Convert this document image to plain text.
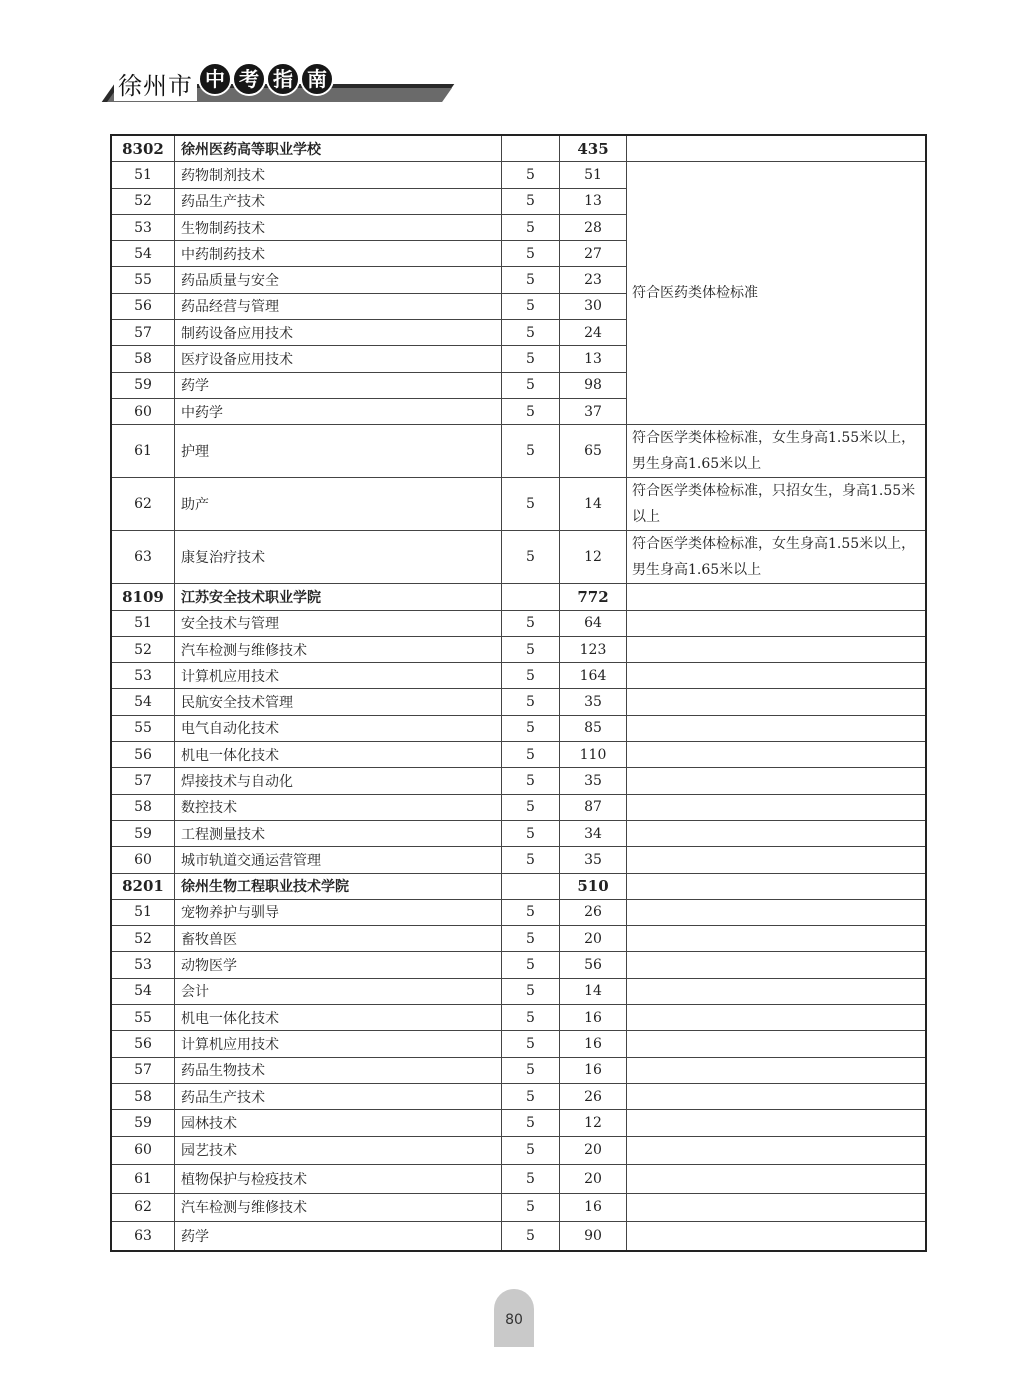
徐州市 中 考 指 南
8302	徐州医药高等职业学校		435	
51	药物制剂技术	5	51	符合医药类体检标准
52	药品生产技术	5	13	
53	生物制药技术	5	28	
54	中药制药技术	5	27	
55	药品质量与安全	5	23	
56	药品经营与管理	5	30	
57	制药设备应用技术	5	24	
58	医疗设备应用技术	5	13	
59	药学	5	98	
60	中药学	5	37	
61	护理	5	65	符合医学类体检标准，女生身高1.55米以上，男生身高1.65米以上
62	助产	5	14	符合医学类体检标准，只招女生，身高1.55米以上
63	康复治疗技术	5	12	符合医学类体检标准，女生身高1.55米以上，男生身高1.65米以上
8109	江苏安全技术职业学院		772	
51	安全技术与管理	5	64	
52	汽车检测与维修技术	5	123	
53	计算机应用技术	5	164	
54	民航安全技术管理	5	35	
55	电气自动化技术	5	85	
56	机电一体化技术	5	110	
57	焊接技术与自动化	5	35	
58	数控技术	5	87	
59	工程测量技术	5	34	
60	城市轨道交通运营管理	5	35	
8201	徐州生物工程职业技术学院		510	
51	宠物养护与驯导	5	26	
52	畜牧兽医	5	20	
53	动物医学	5	56	
54	会计	5	14	
55	机电一体化技术	5	16	
56	计算机应用技术	5	16	
57	药品生物技术	5	16	
58	药品生产技术	5	26	
59	园林技术	5	12	
60	园艺技术	5	20	
61	植物保护与检疫技术	5	20	
62	汽车检测与维修技术	5	16	
63	药学	5	90	
80
